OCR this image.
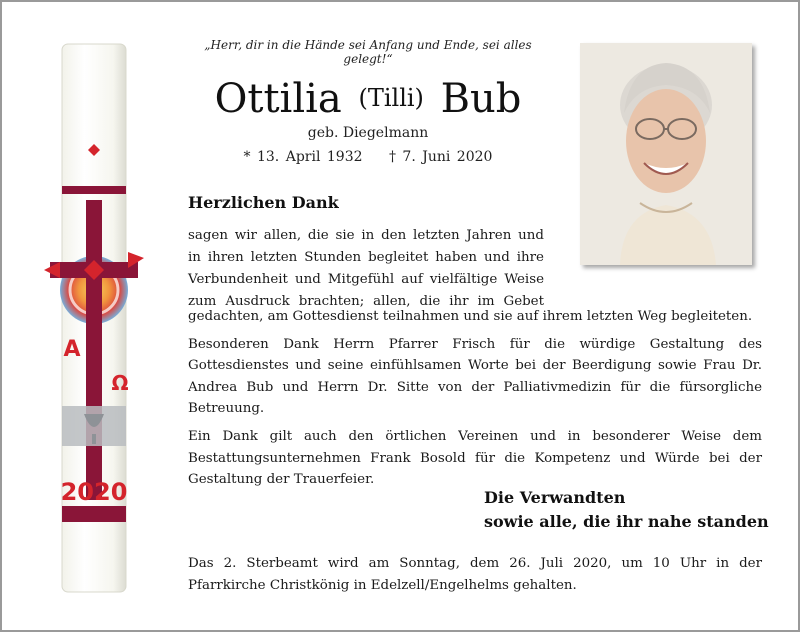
A
Ω
2020
„Herr, dir in die Hände sei Anfang und Ende, sei alles gelegt!“
Ottilia (Tilli) Bub
geb. Diegelmann
* 13. April 1932 † 7. Juni 2020
Herzlichen Dank

sagen wir allen, die sie in den letzten Jahren und

in ihren letzten Stunden begleitet haben und ihre

Verbundenheit und Mitgefühl auf vielfältige Weise

zum Ausdruck brachten; allen, die ihr im Gebet

gedachten, am Gottesdienst teilnahmen und sie auf ihrem letzten Weg begleiteten.

Besonderen Dank Herrn Pfarrer Frisch für die würdige Gestaltung des Gottesdienstes und seine einfühlsamen Worte bei der Beerdigung sowie Frau Dr. Andrea Bub und Herrn Dr. Sitte von der Palliativmedizin für die fürsorgliche Betreuung.

Ein Dank gilt auch den örtlichen Vereinen und in besonderer Weise dem Bestattungsunternehmen Frank Bosold für die Kompetenz und Würde bei der Gestaltung der Trauerfeier.

Die Verwandten
sowie alle, die ihr nahe standen
Das 2. Sterbeamt wird am Sonntag, dem 26. Juli 2020, um 10 Uhr in der Pfarrkirche Christkönig in Edelzell/Engelhelms gehalten.
